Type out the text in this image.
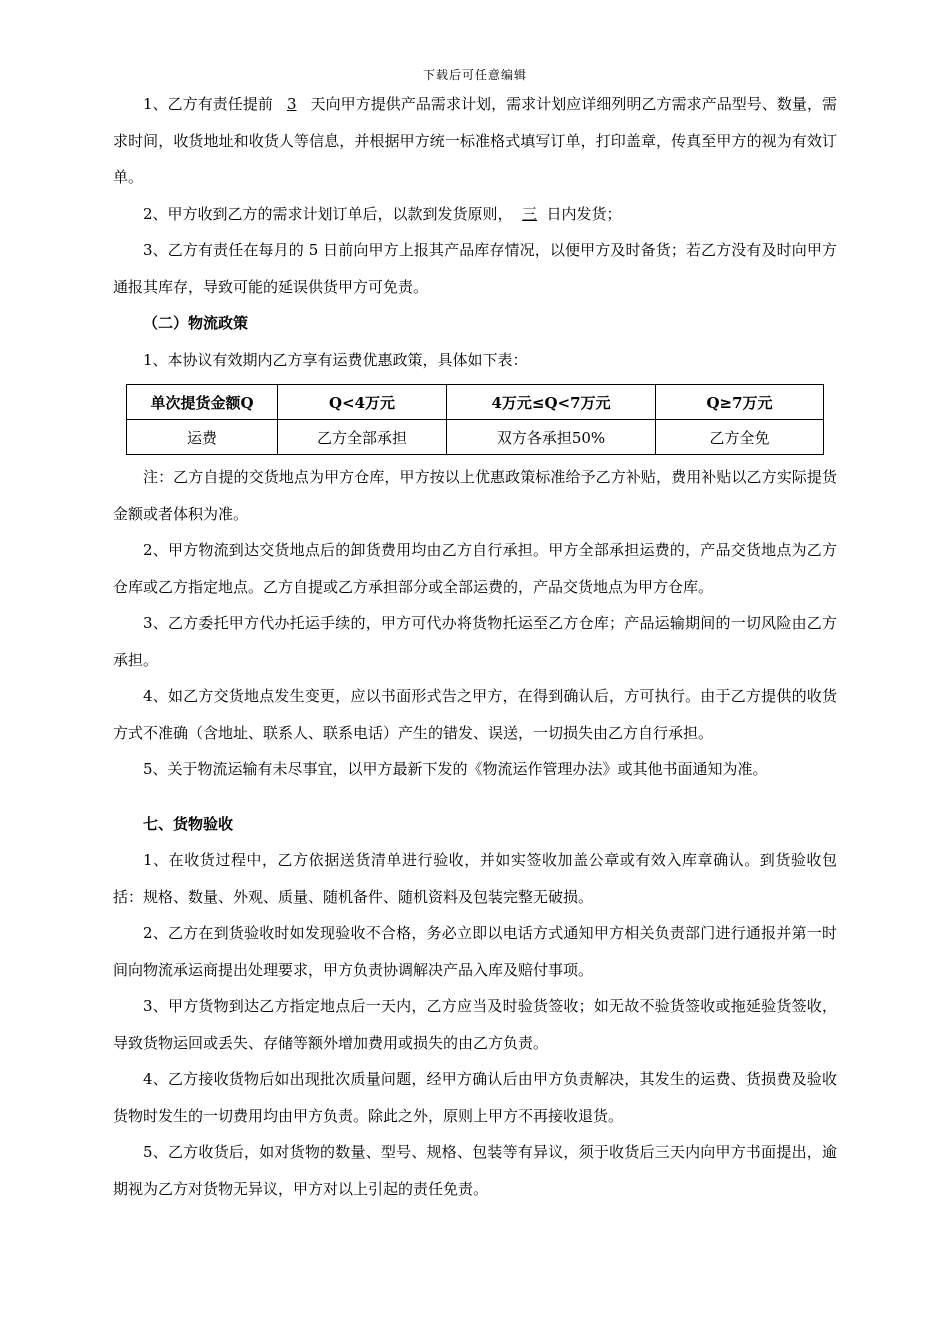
下载后可任意编辑

1、乙方有责任提前 3 天向甲方提供产品需求计划，需求计划应详细列明乙方需求产品型号、数量，需求时间，收货地址和收货人等信息，并根据甲方统一标准格式填写订单，打印盖章，传真至甲方的视为有效订单。

2、甲方收到乙方的需求计划订单后，以款到发货原则， 三 日内发货；

3、乙方有责任在每月的 5 日前向甲方上报其产品库存情况，以便甲方及时备货；若乙方没有及时向甲方通报其库存，导致可能的延误供货甲方可免责。

（二）物流政策

1、本协议有效期内乙方享有运费优惠政策，具体如下表：

单次提货金额Q	Q<4万元	4万元≤Q<7万元	Q≥7万元
运费	乙方全部承担	双方各承担50%	乙方全免

注：乙方自提的交货地点为甲方仓库，甲方按以上优惠政策标准给予乙方补贴，费用补贴以乙方实际提货金额或者体积为准。

2、甲方物流到达交货地点后的卸货费用均由乙方自行承担。甲方全部承担运费的，产品交货地点为乙方仓库或乙方指定地点。乙方自提或乙方承担部分或全部运费的，产品交货地点为甲方仓库。

3、乙方委托甲方代办托运手续的，甲方可代办将货物托运至乙方仓库；产品运输期间的一切风险由乙方承担。

4、如乙方交货地点发生变更，应以书面形式告之甲方，在得到确认后，方可执行。由于乙方提供的收货方式不准确（含地址、联系人、联系电话）产生的错发、误送，一切损失由乙方自行承担。

5、关于物流运输有未尽事宜，以甲方最新下发的《物流运作管理办法》或其他书面通知为准。

七、货物验收

1、在收货过程中，乙方依据送货清单进行验收，并如实签收加盖公章或有效入库章确认。到货验收包括：规格、数量、外观、质量、随机备件、随机资料及包装完整无破损。

2、乙方在到货验收时如发现验收不合格，务必立即以电话方式通知甲方相关负责部门进行通报并第一时间向物流承运商提出处理要求，甲方负责协调解决产品入库及赔付事项。

3、甲方货物到达乙方指定地点后一天内，乙方应当及时验货签收；如无故不验货签收或拖延验货签收，导致货物运回或丢失、存储等额外增加费用或损失的由乙方负责。

4、乙方接收货物后如出现批次质量问题，经甲方确认后由甲方负责解决，其发生的运费、货损费及验收货物时发生的一切费用均由甲方负责。除此之外，原则上甲方不再接收退货。

5、乙方收货后，如对货物的数量、型号、规格、包装等有异议，须于收货后三天内向甲方书面提出，逾期视为乙方对货物无异议，甲方对以上引起的责任免责。
